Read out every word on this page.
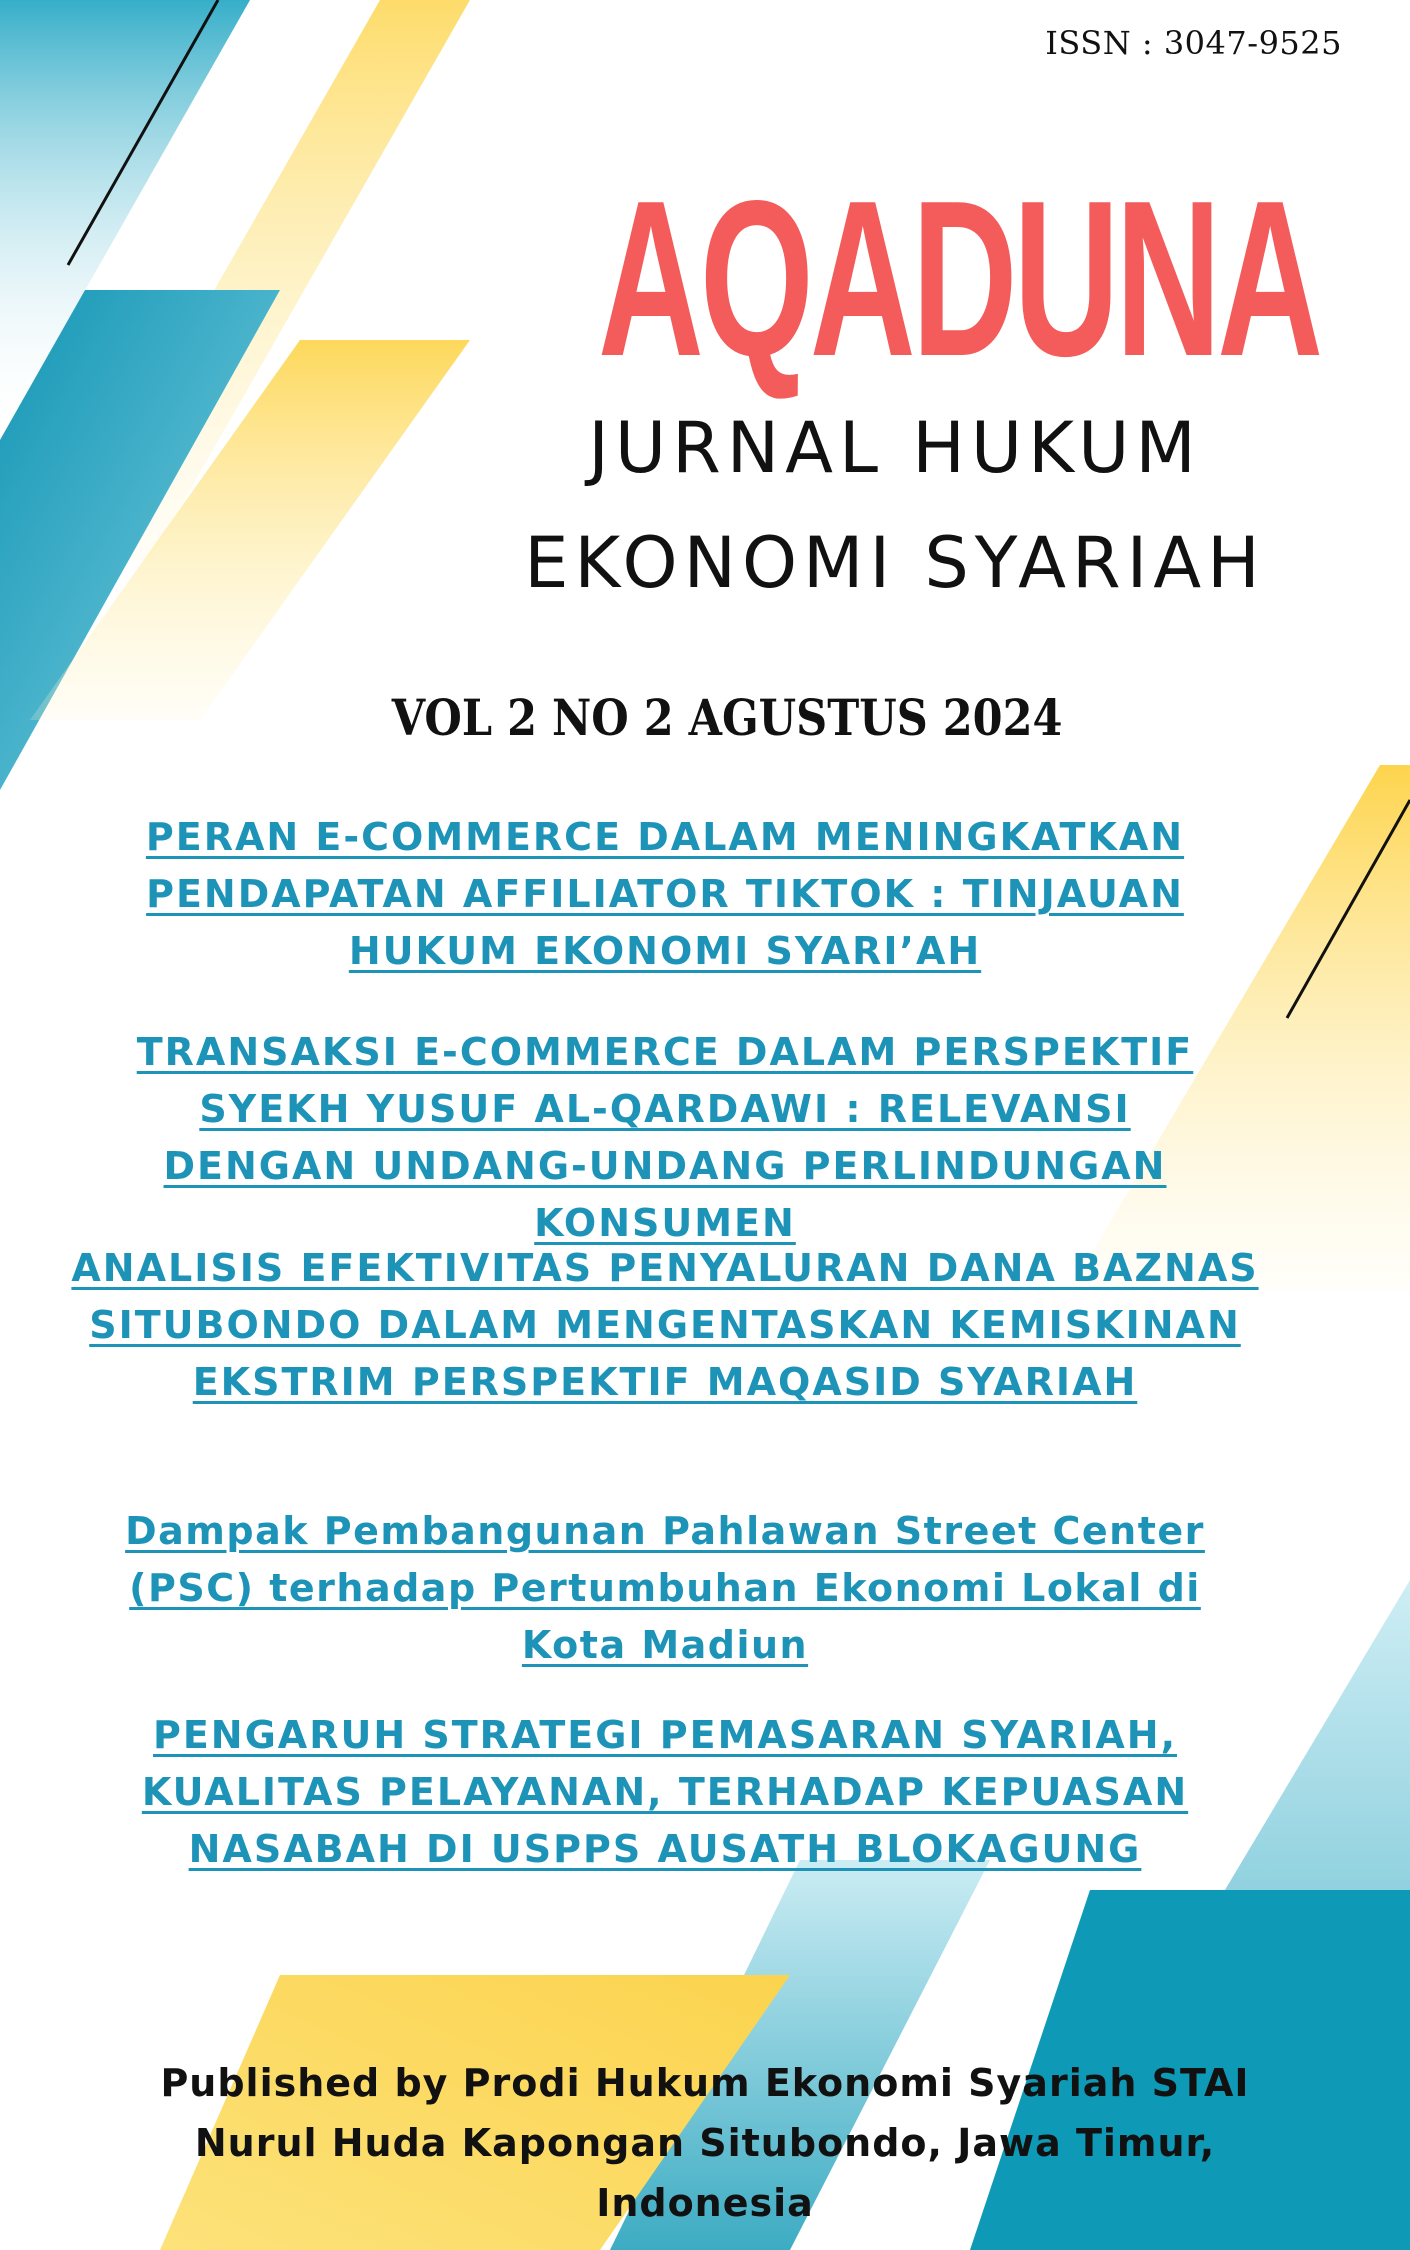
ISSN : 3047-9525
AQADUNA
JURNAL HUKUM
EKONOMI SYARIAH
VOL 2 NO 2 AGUSTUS 2024
PERAN E-COMMERCE DALAM MENINGKATKAN PENDAPATAN AFFILIATOR TIKTOK : TINJAUAN HUKUM EKONOMI SYARI’AH
TRANSAKSI E-COMMERCE DALAM PERSPEKTIF SYEKH YUSUF AL-QARDAWI : RELEVANSI DENGAN UNDANG-UNDANG PERLINDUNGAN KONSUMEN
ANALISIS EFEKTIVITAS PENYALURAN DANA BAZNAS SITUBONDO DALAM MENGENTASKAN KEMISKINAN EKSTRIM PERSPEKTIF MAQASID SYARIAH
Dampak Pembangunan Pahlawan Street Center (PSC) terhadap Pertumbuhan Ekonomi Lokal di Kota Madiun
PENGARUH STRATEGI PEMASARAN SYARIAH, KUALITAS PELAYANAN, TERHADAP KEPUASAN NASABAH DI USPPS AUSATH BLOKAGUNG
Published by Prodi Hukum Ekonomi Syariah STAI Nurul Huda Kapongan Situbondo, Jawa Timur, Indonesia
